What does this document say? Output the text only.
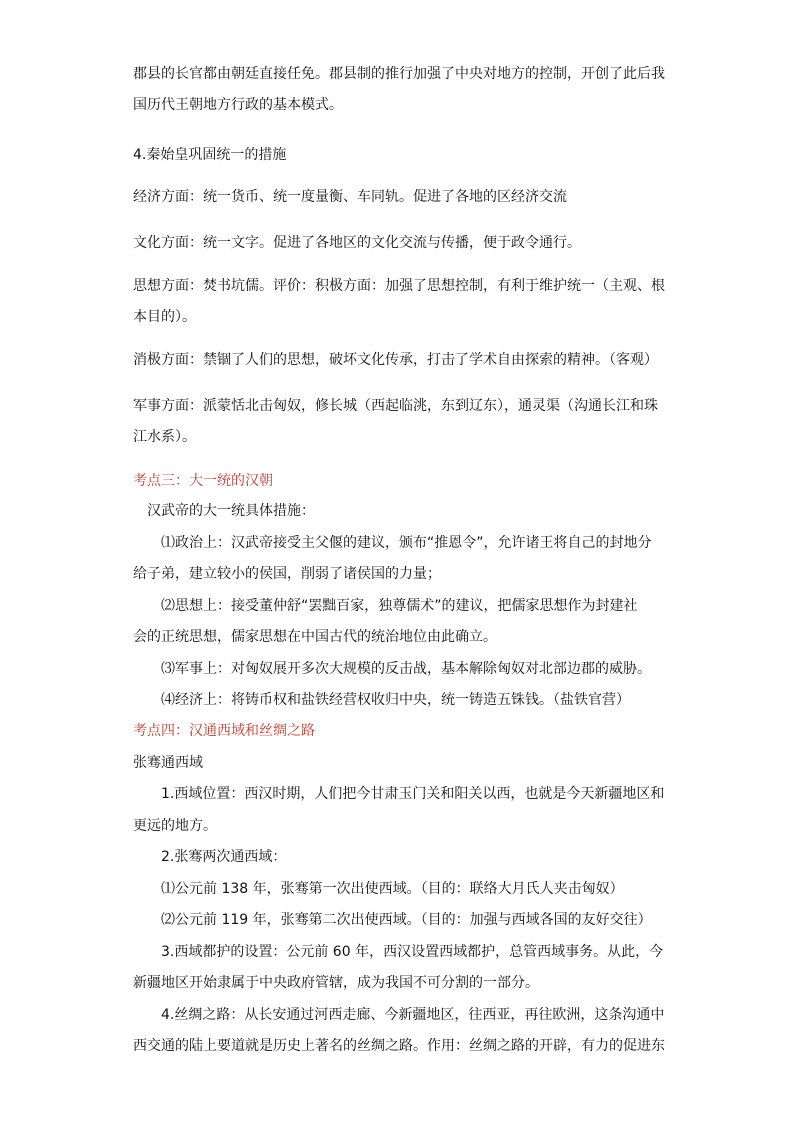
郡县的长官都由朝廷直接任免。郡县制的推行加强了中央对地方的控制，开创了此后我
国历代王朝地方行政的基本模式。
4.秦始皇巩固统一的措施
经济方面：统一货币、统一度量衡、车同轨。促进了各地的区经济交流
文化方面：统一文字。促进了各地区的文化交流与传播，便于政令通行。
思想方面：焚书坑儒。评价：积极方面：加强了思想控制，有利于维护统一（主观、根
本目的）。
消极方面：禁锢了人们的思想，破坏文化传承，打击了学术自由探索的精神。（客观）
军事方面：派蒙恬北击匈奴，修长城（西起临洮，东到辽东），通灵渠（沟通长江和珠
江水系）。
考点三：大一统的汉朝
汉武帝的大一统具体措施：
⑴政治上：汉武帝接受主父偃的建议，颁布“推恩令”，允许诸王将自己的封地分
给子弟，建立较小的侯国，削弱了诸侯国的力量；
⑵思想上：接受董仲舒“罢黜百家，独尊儒术”的建议，把儒家思想作为封建社
会的正统思想，儒家思想在中国古代的统治地位由此确立。
⑶军事上：对匈奴展开多次大规模的反击战，基本解除匈奴对北部边郡的威胁。
⑷经济上：将铸币权和盐铁经营权收归中央，统一铸造五铢钱。（盐铁官营）
考点四：汉通西域和丝绸之路
张骞通西域
1.西域位置：西汉时期，人们把今甘肃玉门关和阳关以西，也就是今天新疆地区和
更远的地方。
2.张骞两次通西域：
⑴公元前 138 年，张骞第一次出使西域。（目的：联络大月氏人夹击匈奴）
⑵公元前 119 年，张骞第二次出使西域。（目的：加强与西域各国的友好交往）
3.西域都护的设置：公元前 60 年，西汉设置西域都护，总管西域事务。从此，今
新疆地区开始隶属于中央政府管辖，成为我国不可分割的一部分。
4.丝绸之路：从长安通过河西走廊、今新疆地区，往西亚，再往欧洲，这条沟通中
西交通的陆上要道就是历史上著名的丝绸之路。作用：丝绸之路的开辟，有力的促进东
